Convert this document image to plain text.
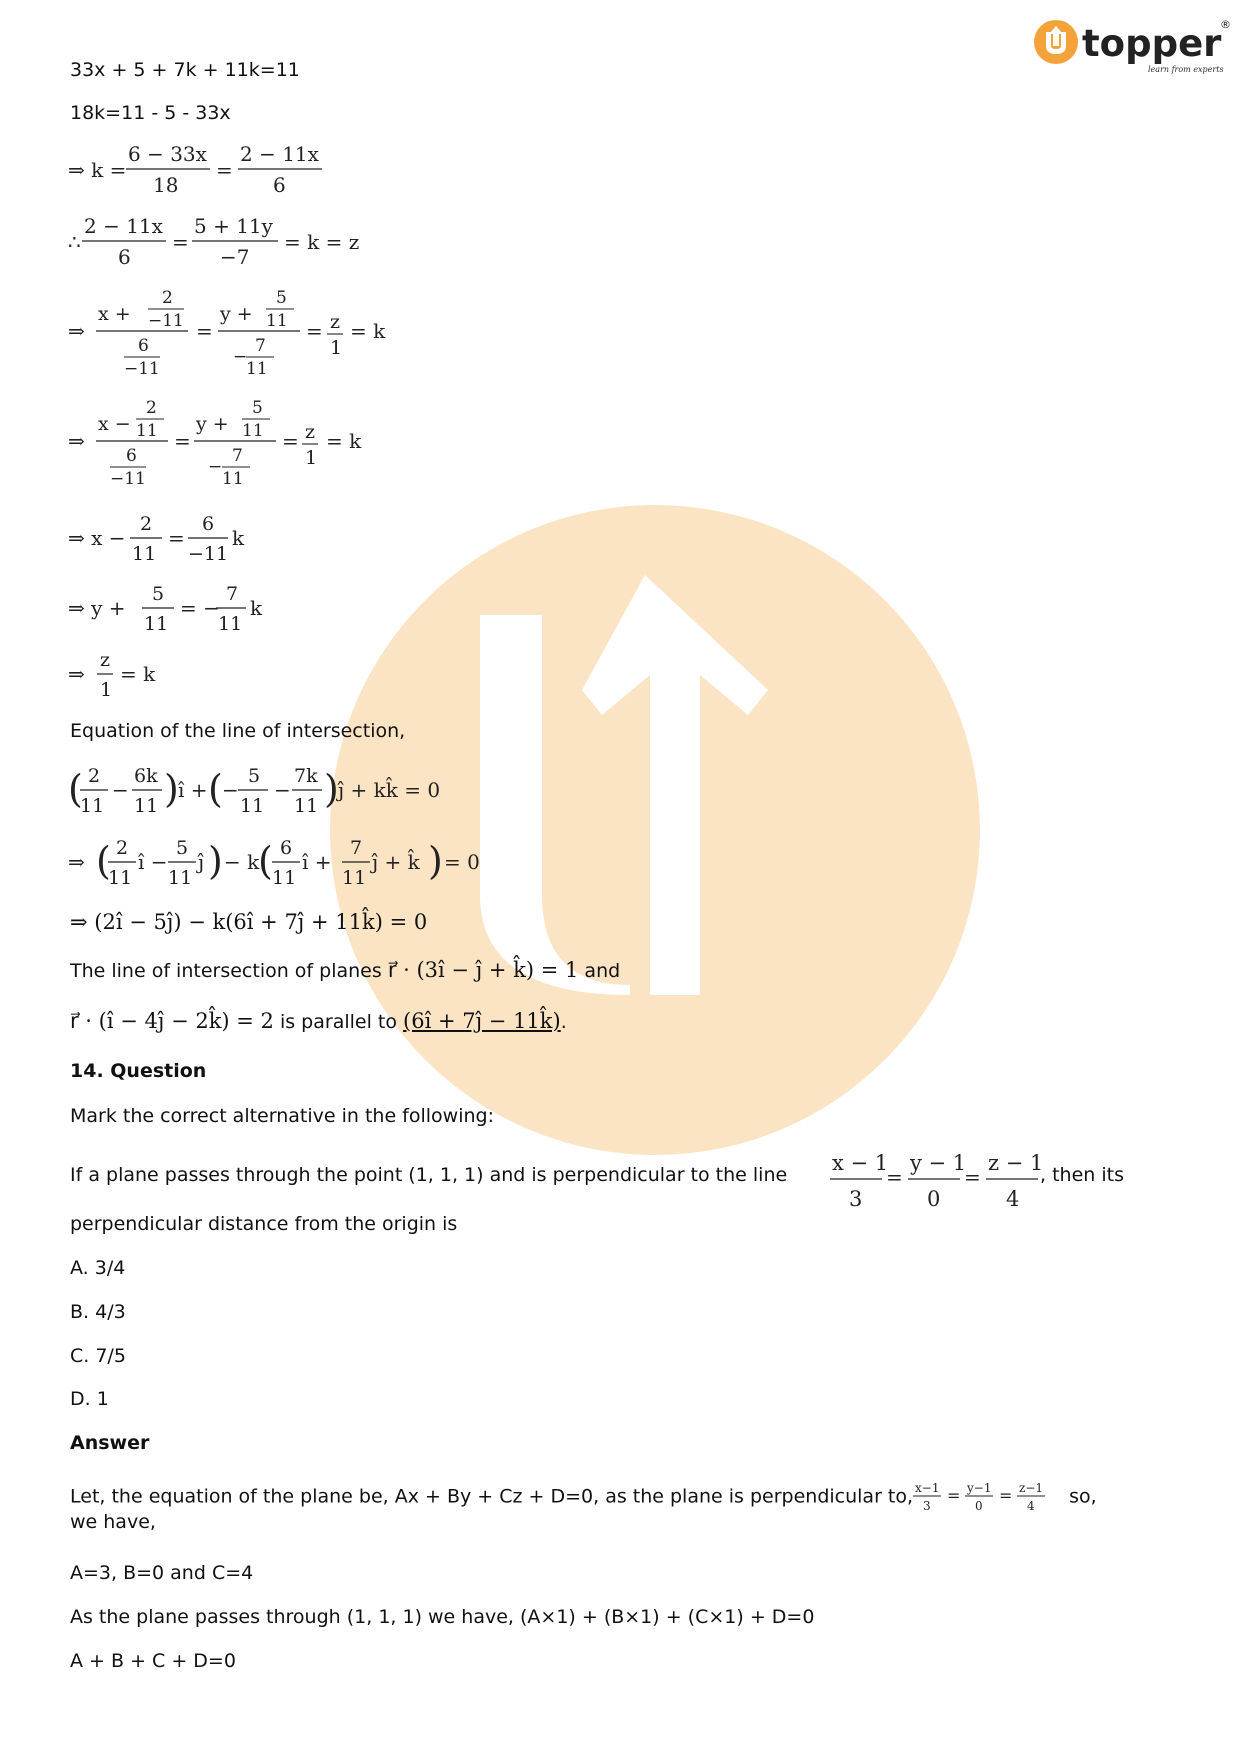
topper
®
learn from experts
33x + 5 + 7k + 11k=11
18k=11 - 5 - 33x
⇒ k =
6 − 33x
18
=
2 − 11x
6
∴
2 − 11x
6
=
5 + 11y
−7
= k = z
⇒
x +
2
−11
6
−11
=
y +
5
11
−
7
11
= z
1
= k
⇒
x −
2
11
6
−11
=
y +
5
11
−
7
11
= z
1
= k
⇒ x −
2
11
=
6
−11
k
⇒ y +
5
11
= −
7
11
k
⇒
z
1
= k
Equation of the line of intersection,
( 2
11
−
6k
11 ) î + ( −
5
11
−
7k
11 ) ĵ + kk̂ = 0
⇒ ( 2
11
î −
5
11
ĵ ) − k
( 6
11
î +
7
11
ĵ + k̂ ) = 0
⇒ (2î − 5ĵ) − k(6î + 7ĵ + 11k̂) = 0
The line of intersection of planes r⃗ · (3î − ĵ + k̂) = 1 and
r⃗ · (î − 4ĵ − 2k̂) = 2 is parallel to (6î + 7ĵ − 11k̂).
14. Question
Mark the correct alternative in the following:
If a plane passes through the point (1, 1, 1) and is perpendicular to the line x − 1
3
=
y − 1
0
=
z − 1
4
, then its
perpendicular distance from the origin is
A. 3/4
B. 4/3
C. 7/5
D. 1
Answer
Let, the equation of the plane be, Ax + By + Cz + D=0, as the plane is perpendicular to, x−1
3
= y−1
0
= z−1
4 so,
we have,
A=3, B=0 and C=4
As the plane passes through (1, 1, 1) we have, (A×1) + (B×1) + (C×1) + D=0
A + B + C + D=0
